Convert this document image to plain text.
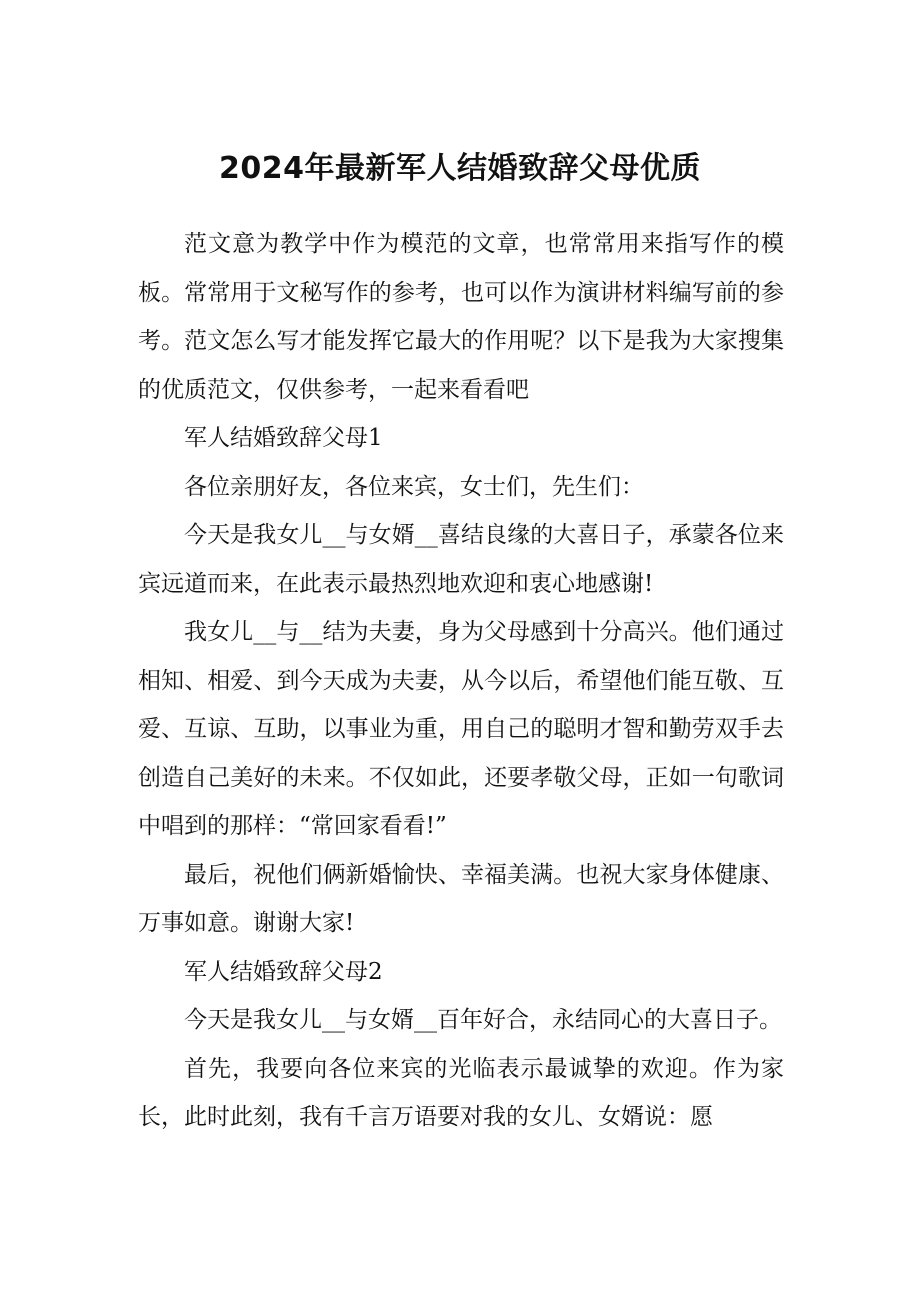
2024年最新军人结婚致辞父母优质

范文意为教学中作为模范的文章，也常常用来指写作的模板。常常用于文秘写作的参考，也可以作为演讲材料编写前的参考。范文怎么写才能发挥它最大的作用呢？以下是我为大家搜集的优质范文，仅供参考，一起来看看吧

军人结婚致辞父母1

各位亲朋好友，各位来宾，女士们，先生们：

今天是我女儿__与女婿__喜结良缘的大喜日子，承蒙各位来宾远道而来，在此表示最热烈地欢迎和衷心地感谢!

我女儿__与__结为夫妻，身为父母感到十分高兴。他们通过相知、相爱、到今天成为夫妻，从今以后，希望他们能互敬、互爱、互谅、互助，以事业为重，用自己的聪明才智和勤劳双手去创造自己美好的未来。不仅如此，还要孝敬父母，正如一句歌词中唱到的那样：“常回家看看!”

最后，祝他们俩新婚愉快、幸福美满。也祝大家身体健康、万事如意。谢谢大家!

军人结婚致辞父母2

今天是我女儿__与女婿__百年好合，永结同心的大喜日子。

首先，我要向各位来宾的光临表示最诚挚的欢迎。作为家长，此时此刻，我有千言万语要对我的女儿、女婿说：愿
